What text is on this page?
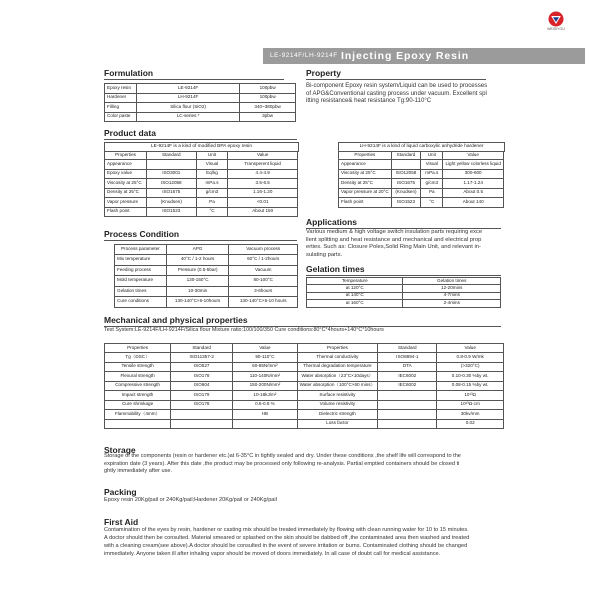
WEISIYOU
LE-9214F/LH-9214F Injecting Epoxy Resin
Formulation
Epoxy resin	LE-9214F	100pbw
Hardener	LH-9214F	100pbw
Filling	Silica flour (SiO2)	340~380pbw
Color paste	LC-series *	3pbw
Property
Bi-component Epoxy resin system/Liquid can be used to processes
of APG&Conventional casting process under vacuum. Excellent spl
itting resistance& heat resistance Tg:90-110°C
Product data
LE-9214F is a kind of modified BPA epoxy resin
Properties	Standard	Unit	Value
Appearance		Visual	Transperent liquid
Epoxy value	ISO3001	Eq/kg	4.4-4.9
Viscosity at 25°C	ISO12058	mPa.s	3.5-6.5
Density at 25°C	ISO1675	g/cm3	1.16-1.20
Vapor pressure	(Knudsen)	Pa	<0.01
Flash point	ISO1523	°C	About 150
LH-9214F is a kind of liquid carboxylic anhydride hardener
Properties	Standard	Unit	Value
Appearance		Visual	Light yellow colorless liquid
Viscosity at 25°C	ISO12058	mPa.s	300-600
Density at 25°C	ISO1675	g/cm3	1.17-1.24
Vapor pressure at 20°C	(Knudsen)	Pa	About 0.5
Flash point	ISO1523	°C	About 140
Process Condition
Process parameter	APG	Vacuum process
Mix temperature	40°C / 1-2 hours	60°C / 1-2hours
Feeding process	Pressure (0.5-5bar)	Vacuum
Mold temperature	130-150°C	80-100°C
Gelation times	10-30min	3-6hours
Cure conditions	130-140°C×6-10hours	130-140°C×6-10 hours
Applications
Various medium & high voltage switch insulation parts requiring exce
llent splitting and heat resistance and mechanical and electrical prop
erties. Such as: Closure Poles,Solid Ring Main Unit, and relevant in-
sulating parts.
Gelation times
Temperature	Gelation times
at 120°C	12-20mins
at 140°C	4-7mins
at 160°C	2-4mins
Mechanical and physical properties
Test System:LE-9214F/LH-9214F/Silica flour Mixture ratio:100/100/350 Cure conditions:80°C*4hours+140°C*10hours
Properties	Standard	Value	Properties	Standard	Value
Tg（DSC）	ISO11357-2	90-110°C	Thermal conductivity	ISO8894-1	0.8-0.9 W/mk
Tensile strength	ISO527	60-85N/mm²	Thermal degradation temperature	DTA	(>320°C)
Flexural strength	ISO178	110-140N/mm²	Water absorption（23°C×10days）	IEC6002	0.10-0.30 %by wt.
Compressive strength	ISO604	150-200N/mm²	Water absorption（100°C×60 mins）	IEC6002	0.08-0.15 %by wt.
Impact strength	ISO179	10-18kJ/m²	Surface resistivity		10¹³Ω
Cure shrinkage	ISO178	0.6-0.8 %	Volume resistivity		10¹³Ω·cm
Flammability（4mm）		HB	Dielectric strength		30kv/mm
			Loss factor		0.02
Storage
Storage of the components (resin or hardener etc.)at 6-35°C in tightly sealed and dry. Under these conditions ,the shelf life will correspond to the
expiration date (3 years). After this date ,the product may be processed only following re-analysis. Partial emptied containers should be closed ti
ghtly immediately after use.
Packing
Epoxy resin 20Kg/pail or 240Kg/pail;Hardener 20Kg/pail or 240Kg/pail
First Aid
Contamination of the eyes by resin, hardener or casting mix should be treated immediately by flowing with clean running water for 10 to 15 minutes.
A doctor should then be consulted. Material smeared or splashed on the skin should be dabbed off ,the contaminated area then washed and treated
with a cleaning cream(see above).A doctor should be consulted in the event of severe irritation or burns. Contaminated clothing should be changed
immediately. Anyone taken ill after inhaling vapor should be moved of doors immediately. In all case of doubt call for medical assistance.
